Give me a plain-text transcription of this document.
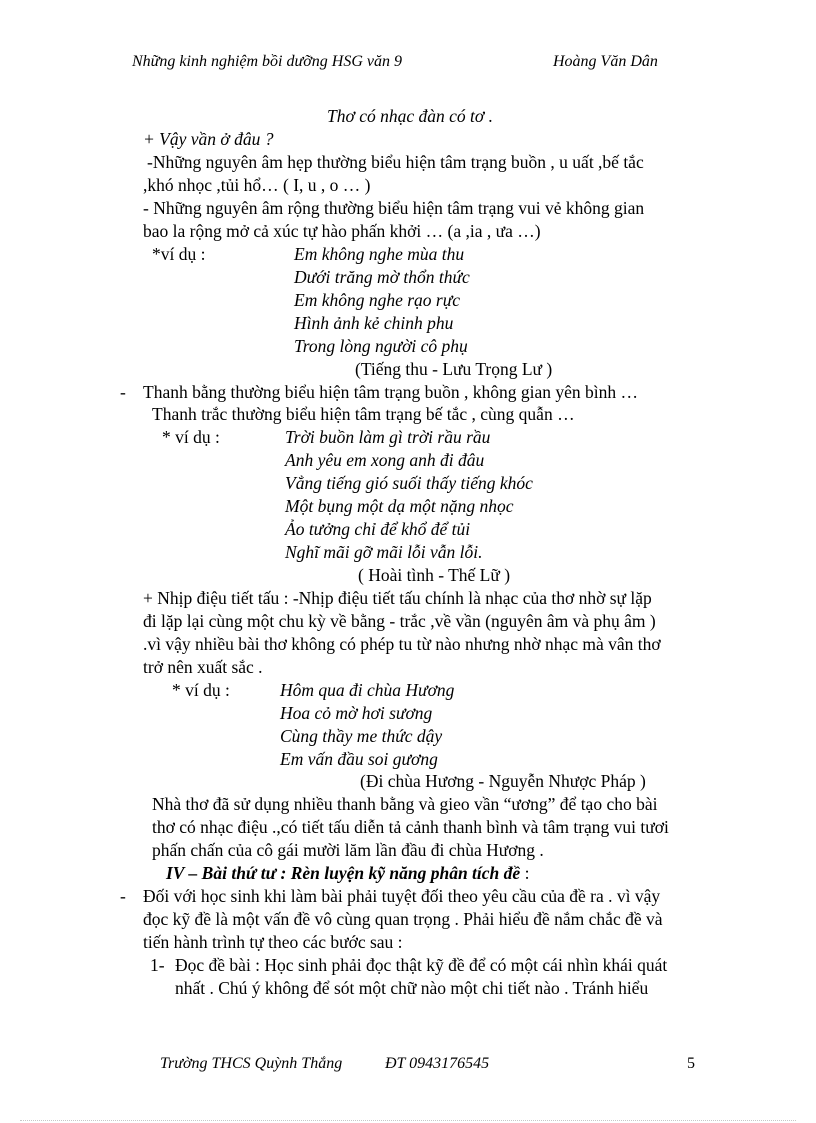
Những kinh nghiệm bồi dưỡng HSG văn 9	Hoàng Văn Dân
Thơ có nhạc đàn có tơ .
+ Vậy vần ở đâu ?
-Những nguyên âm hẹp thường biểu hiện tâm trạng buồn , u uất ,bế tắc
,khó nhọc ,tủi hổ… ( I, u , o … )
- Những nguyên âm rộng thường biểu hiện tâm trạng vui vẻ không gian
bao la rộng mở cả xúc tự hào phấn khởi … (a ,ia , ưa …)
*ví dụ :	Em không nghe mùa thu
Dưới trăng mờ thổn thức
Em không nghe rạo rực
Hình ảnh kẻ chinh phu
Trong lòng người cô phụ
(Tiếng thu - Lưu Trọng Lư )
- Thanh bằng thường biểu hiện tâm trạng buồn , không gian yên bình …
Thanh trắc thường biểu hiện tâm trạng bế tắc , cùng quẫn …
* ví dụ :	Trời buồn làm gì trời rầu rầu
Anh yêu em xong anh đi đâu
Vẳng tiếng gió suối thấy tiếng khóc
Một bụng một dạ một nặng nhọc
Ảo tưởng chỉ để khổ để tủi
Nghĩ mãi gỡ mãi lỗi vẫn lỗi.
( Hoài tình - Thế Lữ )
+ Nhịp điệu tiết tấu : -Nhịp điệu tiết tấu chính là nhạc của thơ nhờ sự lặp
đi lặp lại cùng một chu kỳ về bằng - trắc ,về vần (nguyên âm và phụ âm )
.vì vậy nhiều bài thơ không có phép tu từ nào nhưng nhờ nhạc mà vân thơ
trở nên xuất sắc .
* ví dụ :	Hôm qua đi chùa Hương
Hoa cỏ mờ hơi sương
Cùng thầy me thức dậy
Em vấn đầu soi gương
(Đi chùa Hương - Nguyễn Nhược Pháp )
Nhà thơ đã sử dụng nhiều thanh bằng và gieo vần “ương” để tạo cho bài
thơ có nhạc điệu .,có tiết tấu diễn tả cảnh thanh bình và tâm trạng vui tươi
phấn chấn của cô gái mười lăm lần đầu đi chùa Hương .
IV – Bài thứ tư : Rèn luyện kỹ năng phân tích đề :
- Đối với học sinh khi làm bài phải tuyệt đối theo yêu cầu của đề ra . vì vậy
đọc kỹ đề là một vấn đề vô cùng quan trọng . Phải hiểu đề nắm chắc đề và
tiến hành trình tự theo các bước sau :
1- Đọc đề bài : Học sinh phải đọc thật kỹ đề để có một cái nhìn khái quát
nhất . Chú ý không để sót một chữ nào một chi tiết nào . Tránh hiểu
Trường THCS Quỳnh Thắng	ĐT 0943176545	5
